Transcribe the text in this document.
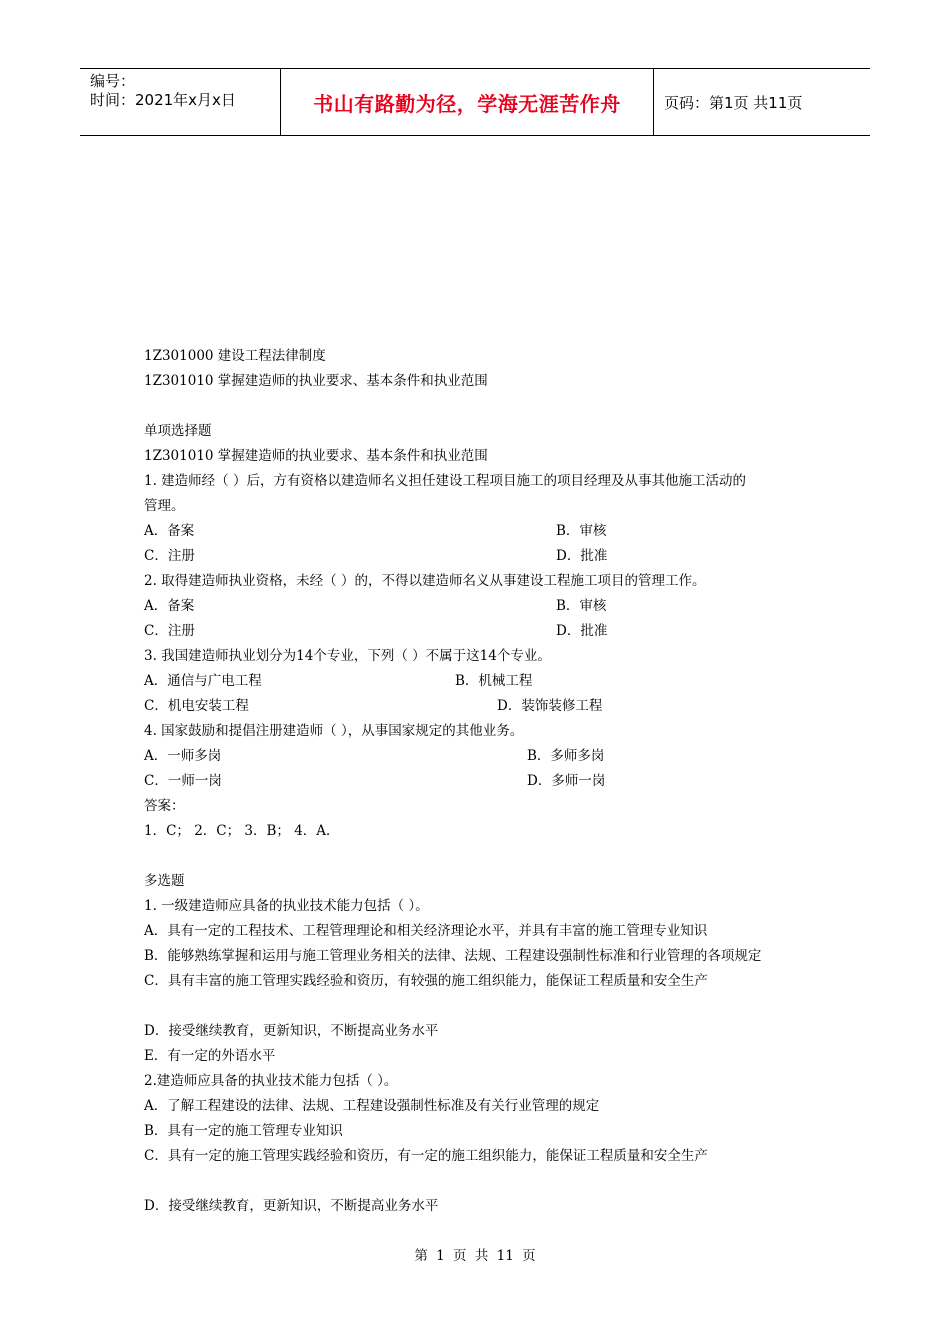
编号：
时间：2021年x月x日	书山有路勤为径，学海无涯苦作舟	页码：第1页 共11页
1Z301000 建设工程法律制度
1Z301010 掌握建造师的执业要求、基本条件和执业范围
单项选择题
1Z301010 掌握建造师的执业要求、基本条件和执业范围
1. 建造师经（ ）后，方有资格以建造师名义担任建设工程项目施工的项目经理及从事其他施工活动的
管理。
A．备案	B．审核
C．注册	D．批准
2. 取得建造师执业资格，未经（ ）的，不得以建造师名义从事建设工程施工项目的管理工作。
A．备案	B．审核
C．注册	D．批准
3. 我国建造师执业划分为14个专业，下列（ ）不属于这14个专业。
A．通信与广电工程	B．机械工程
C．机电安装工程	D．装饰装修工程
4. 国家鼓励和提倡注册建造师（ ），从事国家规定的其他业务。
A．一师多岗	B．多师多岗
C．一师一岗	D．多师一岗
答案：
1．C； 2．C； 3．B； 4．A．
多选题
1. 一级建造师应具备的执业技术能力包括（ ）。
A．具有一定的工程技术、工程管理理论和相关经济理论水平，并具有丰富的施工管理专业知识
B．能够熟练掌握和运用与施工管理业务相关的法律、法规、工程建设强制性标准和行业管理的各项规定
C．具有丰富的施工管理实践经验和资历，有较强的施工组织能力，能保证工程质量和安全生产
D．接受继续教育，更新知识，不断提高业务水平
E．有一定的外语水平
2.建造师应具备的执业技术能力包括（ ）。
A．了解工程建设的法律、法规、工程建设强制性标准及有关行业管理的规定
B．具有一定的施工管理专业知识
C．具有一定的施工管理实践经验和资历，有一定的施工组织能力，能保证工程质量和安全生产
D．接受继续教育，更新知识，不断提高业务水平
第 1 页 共 11 页
